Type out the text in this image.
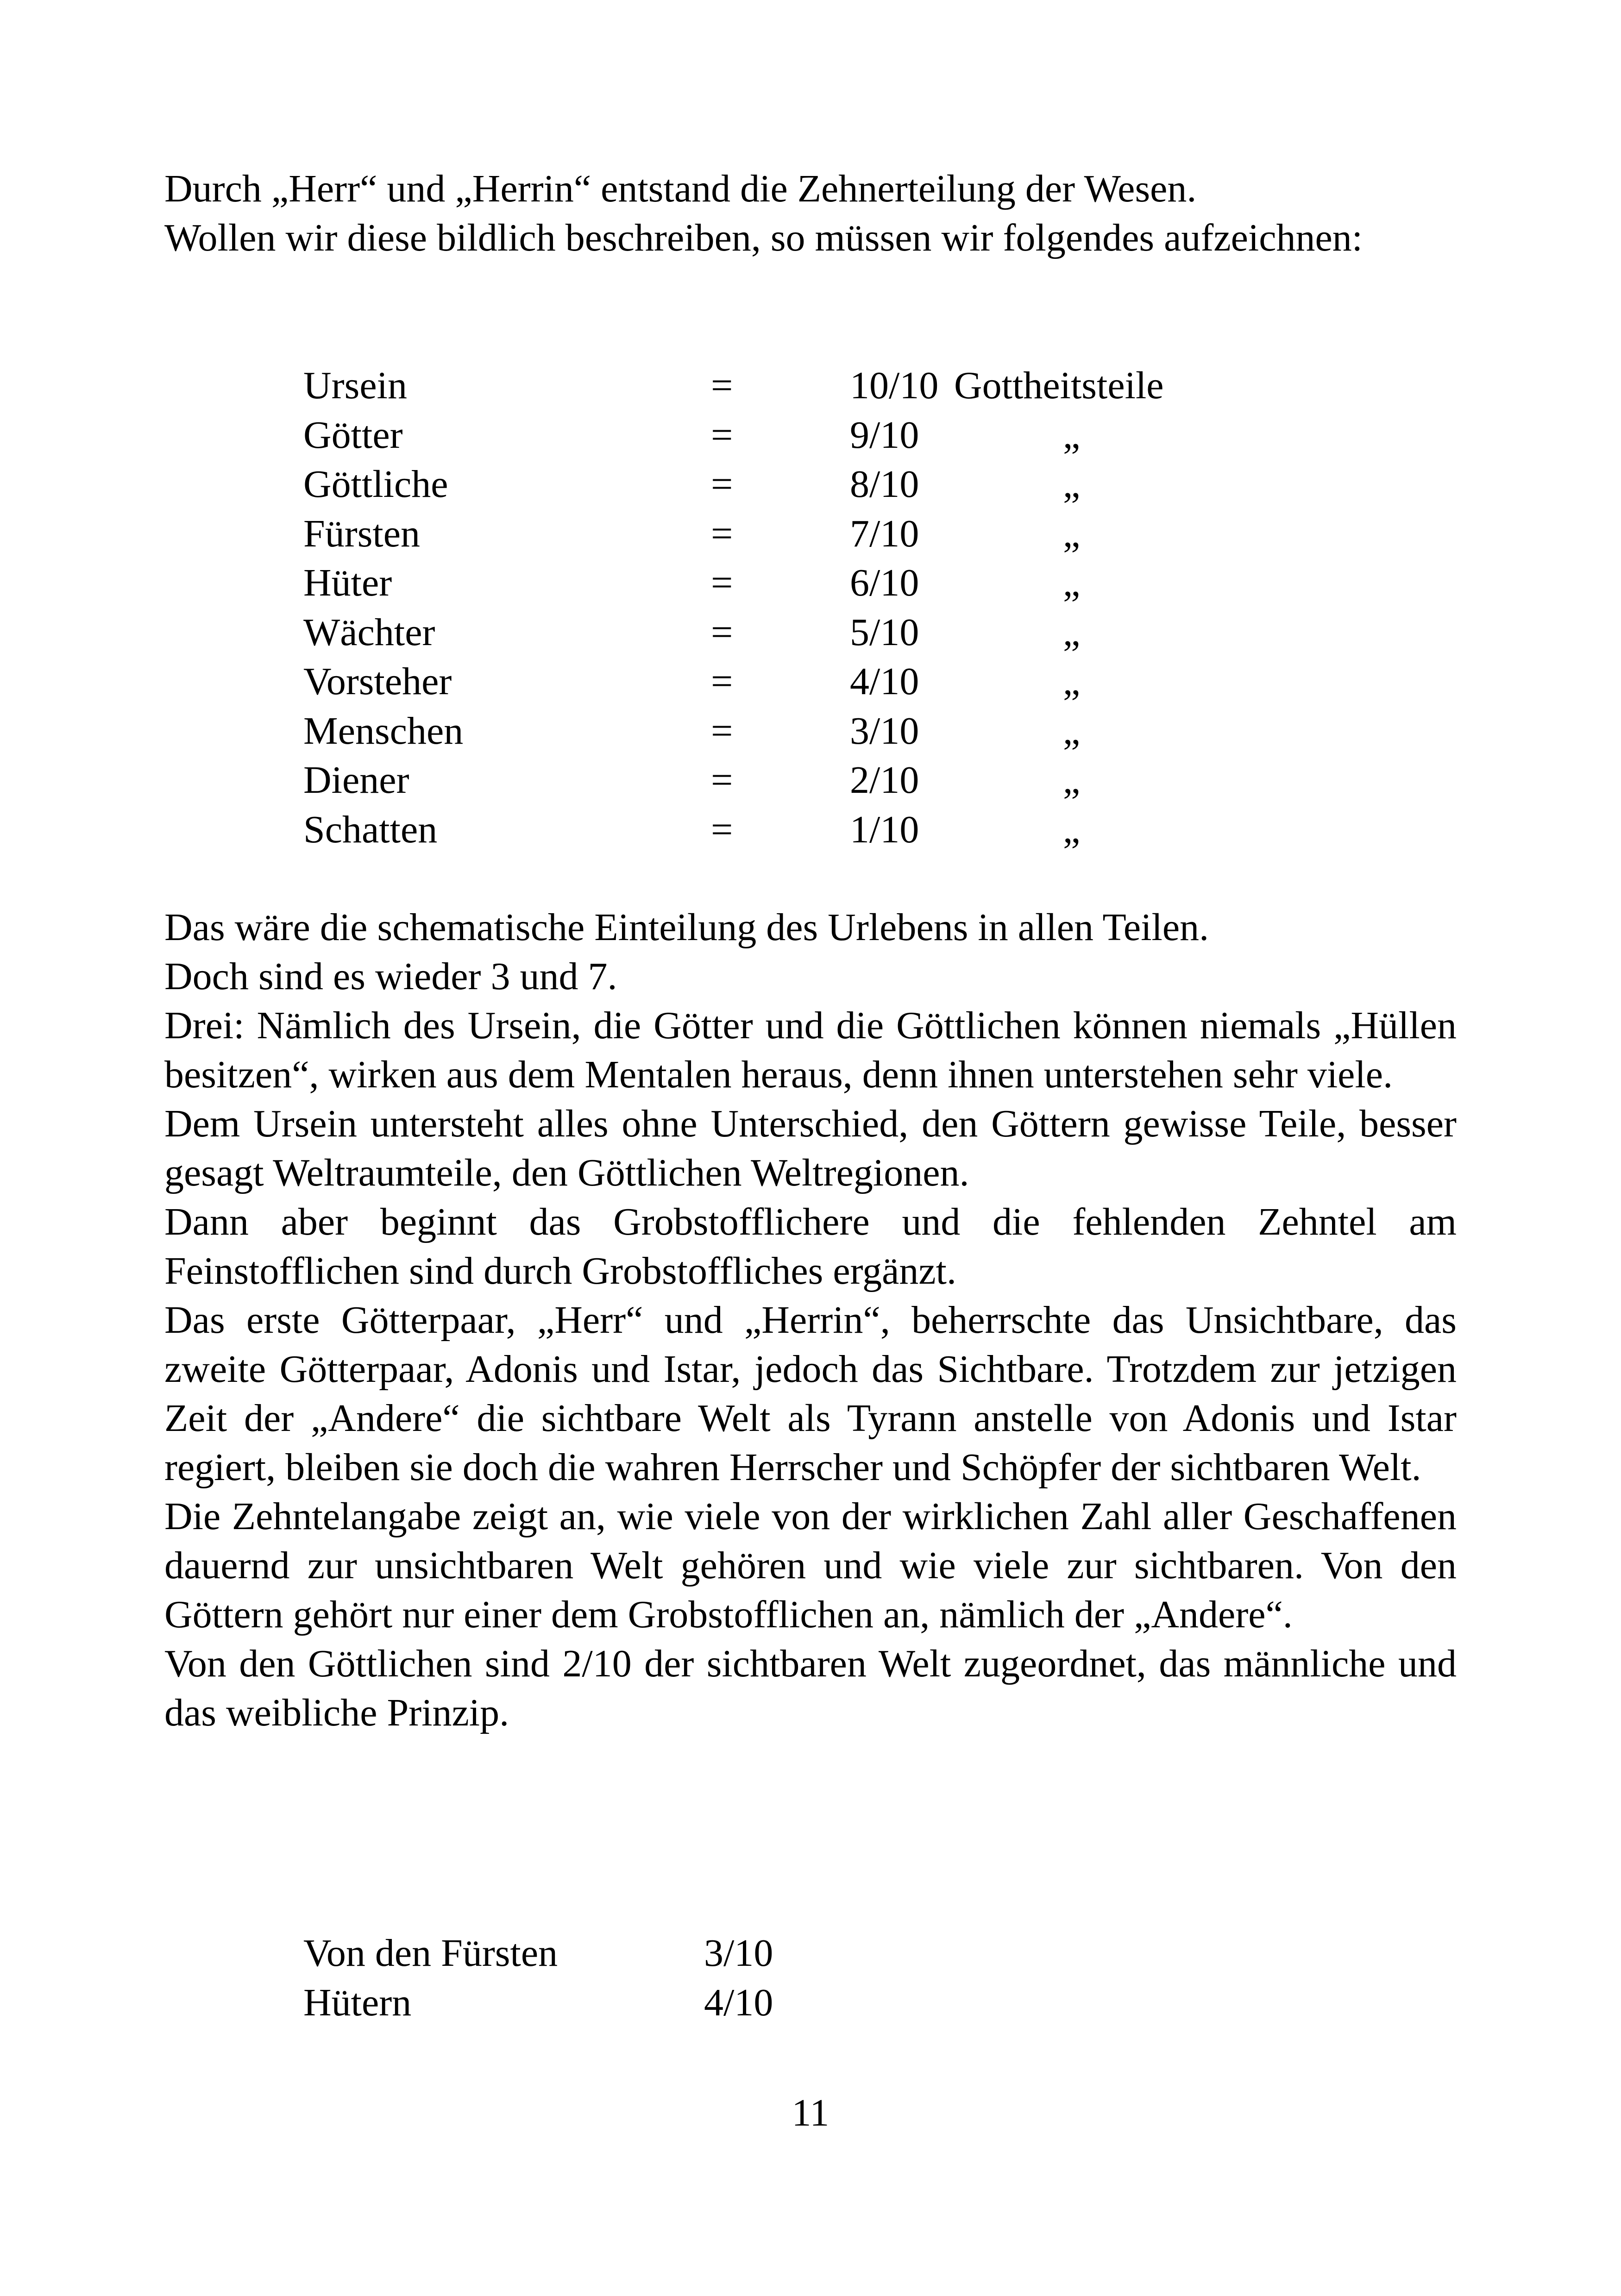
Durch „Herr“ und „Herrin“ entstand die Zehnerteilung der Wesen.

Wollen wir diese bildlich beschreiben, so müssen wir folgendes aufzeichnen:

Ursein	=	10/10 Gottheitsteile
Götter	=	9/10	„
Göttliche	=	8/10	„
Fürsten	=	7/10	„
Hüter	=	6/10	„
Wächter	=	5/10	„
Vorsteher	=	4/10	„
Menschen	=	3/10	„
Diener	=	2/10	„
Schatten	=	1/10	„

Das wäre die schematische Einteilung des Urlebens in allen Teilen.

Doch sind es wieder 3 und 7.

Drei: Nämlich des Ursein, die Götter und die Göttlichen können niemals „Hüllen besitzen“, wirken aus dem Mentalen heraus, denn ihnen unterstehen sehr viele.

Dem Ursein untersteht alles ohne Unterschied, den Göttern gewisse Teile, besser gesagt Weltraumteile, den Göttlichen Weltregionen.

Dann aber beginnt das Grobstofflichere und die fehlenden Zehntel am Feinstofflichen sind durch Grobstoffliches ergänzt.

Das erste Götterpaar, „Herr“ und „Herrin“, beherrschte das Unsichtbare, das zweite Götterpaar, Adonis und Istar, jedoch das Sichtbare. Trotzdem zur jetzigen Zeit der „Andere“ die sichtbare Welt als Tyrann anstelle von Adonis und Istar regiert, bleiben sie doch die wahren Herrscher und Schöpfer der sichtbaren Welt.

Die Zehntelangabe zeigt an, wie viele von der wirklichen Zahl aller Geschaffenen dauernd zur unsichtbaren Welt gehören und wie viele zur sichtbaren. Von den Göttern gehört nur einer dem Grobstofflichen an, nämlich der „Andere“.

Von den Göttlichen sind 2/10 der sichtbaren Welt zugeordnet, das männliche und das weibliche Prinzip.

Von den Fürsten	3/10
Hütern	4/10
11
